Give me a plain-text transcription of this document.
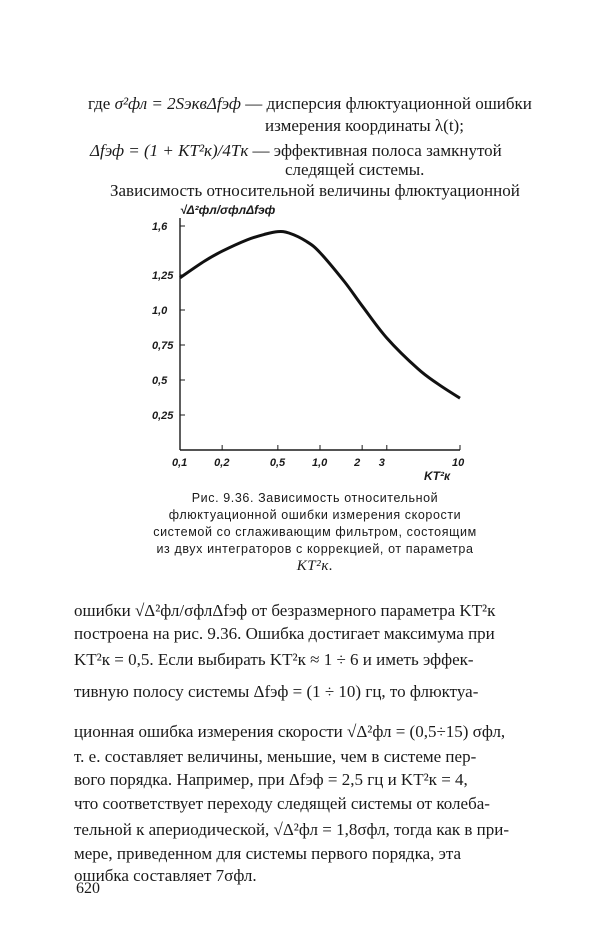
где σ²фл = 2SэквΔfэф — дисперсия флюктуационной ошибки
измерения координаты λ(t);
Δfэф = (1 + KT²к)/4Tк — эффективная полоса замкнутой
следящей системы.
Зависимость относительной величины флюктуационной
0,25
0,5
0,75
1,0
1,25
1,6
0,1 0,2	0,5 1,0 2 3	10
√Δ²фл/σфлΔfэф
KT²к
Рис. 9.36. Зависимость относительной флюктуационной ошибки измерения скорости системой со сглаживающим фильтром, состоящим из двух интеграторов с коррекцией, от параметра KT²к.
ошибки √Δ²фл/σфлΔfэф от безразмерного параметра KT²к
построена на рис. 9.36. Ошибка достигает максимума при
KT²к = 0,5. Если выбирать KT²к ≈ 1 ÷ 6 и иметь эффек-
тивную полосу системы Δfэф = (1 ÷ 10) гц, то флюктуа-
ционная ошибка измерения скорости √Δ²фл = (0,5÷15) σфл,
т. е. составляет величины, меньшие, чем в системе пер-
вого порядка. Например, при Δfэф = 2,5 гц и KT²к = 4,
что соответствует переходу следящей системы от колеба-
тельной к апериодической, √Δ²фл = 1,8σфл, тогда как в при-
мере, приведенном для системы первого порядка, эта
ошибка составляет 7σфл.
620
